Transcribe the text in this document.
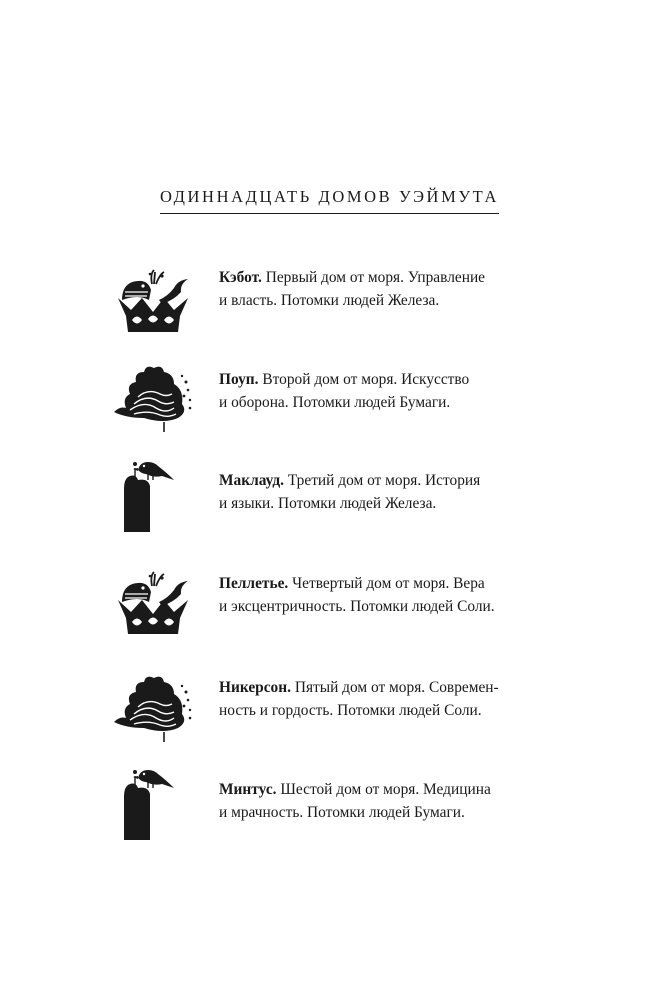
ОДИННАДЦАТЬ ДОМОВ УЭЙМУТА
Кэбот. Первый дом от моря. Управление
и власть. Потомки людей Железа.
Поуп. Второй дом от моря. Искусство
и оборона. Потомки людей Бумаги.
Маклауд. Третий дом от моря. История
и языки. Потомки людей Железа.
Пеллетье. Четвертый дом от моря. Вера
и эксцентричность. Потомки людей Соли.
Никерсон. Пятый дом от моря. Современ-
ность и гордость. Потомки людей Соли.
Минтус. Шестой дом от моря. Медицина
и мрачность. Потомки людей Бумаги.
